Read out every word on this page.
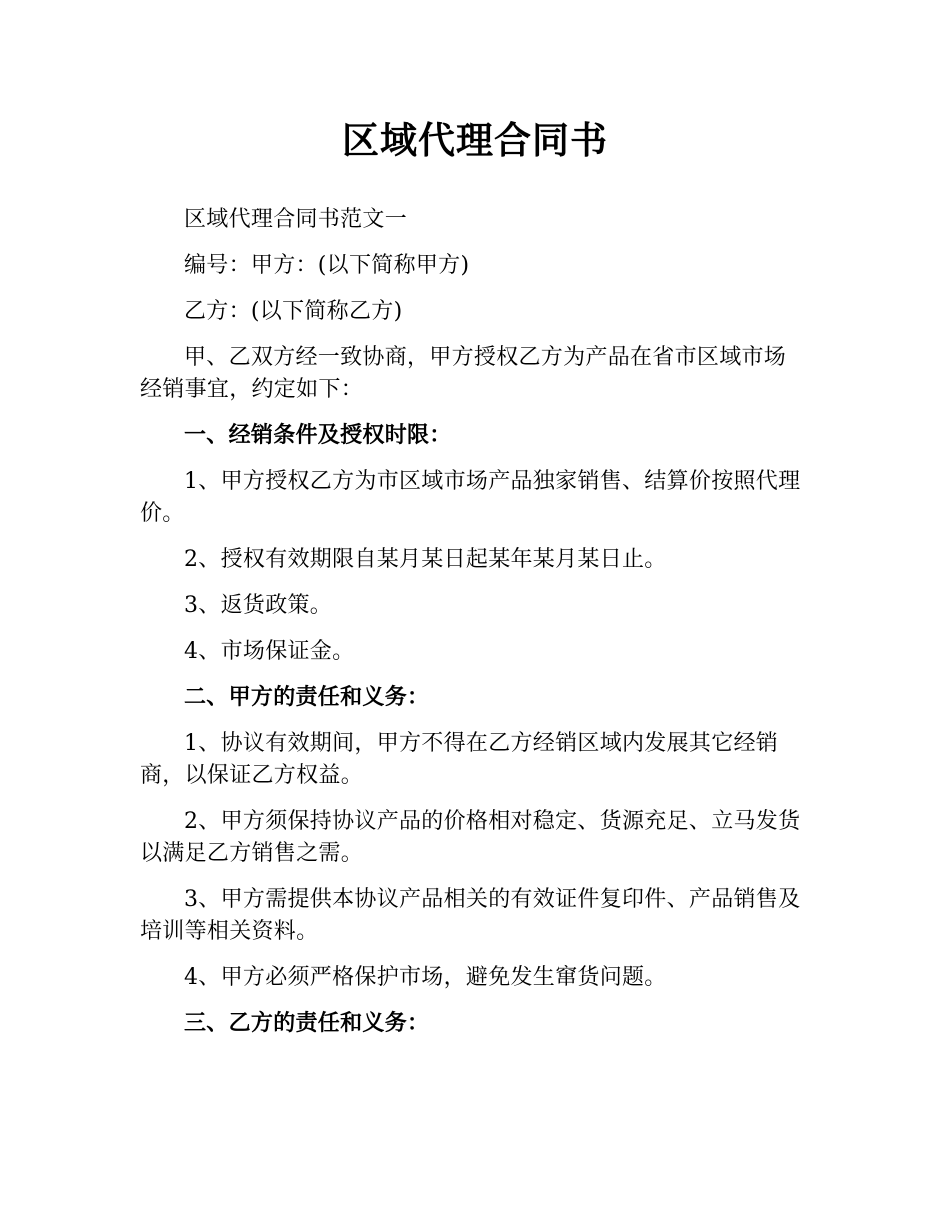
区域代理合同书

区域代理合同书范文一

编号：甲方：(以下简称甲方)

乙方：(以下简称乙方)

甲、乙双方经一致协商，甲方授权乙方为产品在省市区域市场经销事宜，约定如下：

一、经销条件及授权时限：

1、甲方授权乙方为市区域市场产品独家销售、结算价按照代理价。

2、授权有效期限自某月某日起某年某月某日止。

3、返货政策。

4、市场保证金。

二、甲方的责任和义务：

1、协议有效期间，甲方不得在乙方经销区域内发展其它经销商，以保证乙方权益。

2、甲方须保持协议产品的价格相对稳定、货源充足、立马发货以满足乙方销售之需。

3、甲方需提供本协议产品相关的有效证件复印件、产品销售及培训等相关资料。

4、甲方必须严格保护市场，避免发生窜货问题。

三、乙方的责任和义务：
